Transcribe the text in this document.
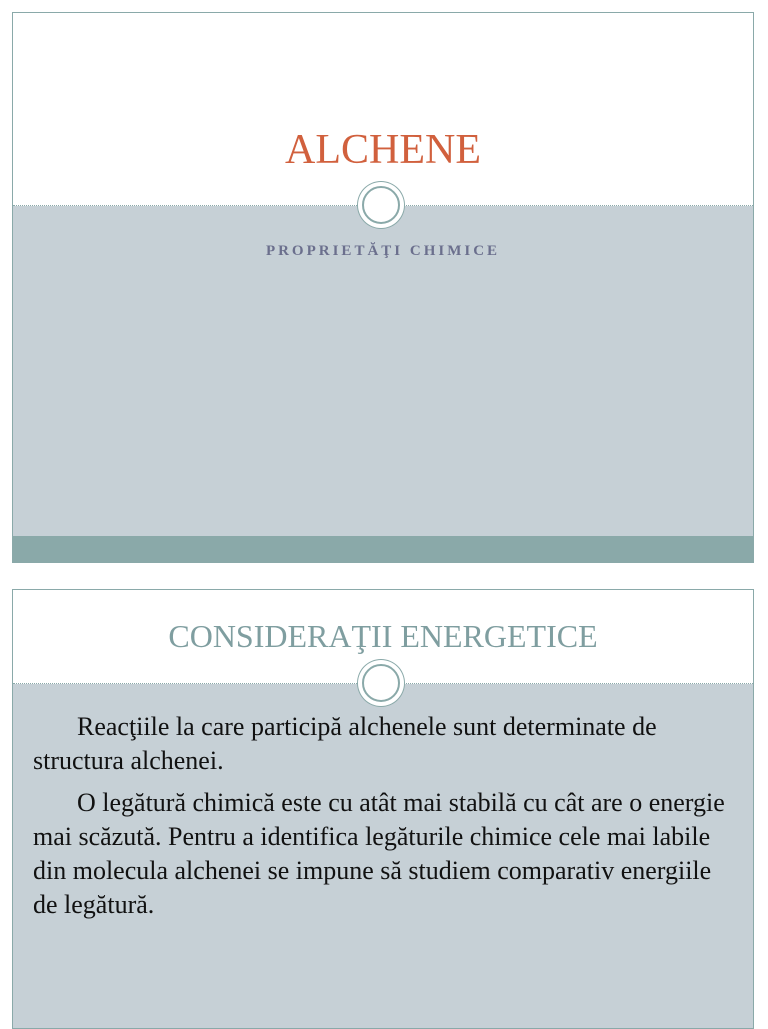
ALCHENE
PROPRIETĂŢI CHIMICE
CONSIDERAŢII ENERGETICE

Reacţiile la care participă alchenele sunt determinate de structura alchenei.

O legătură chimică este cu atât mai stabilă cu cât are o energie mai scăzută. Pentru a identifica legăturile chimice cele mai labile din molecula alchenei se impune să studiem comparativ energiile de legătură.
